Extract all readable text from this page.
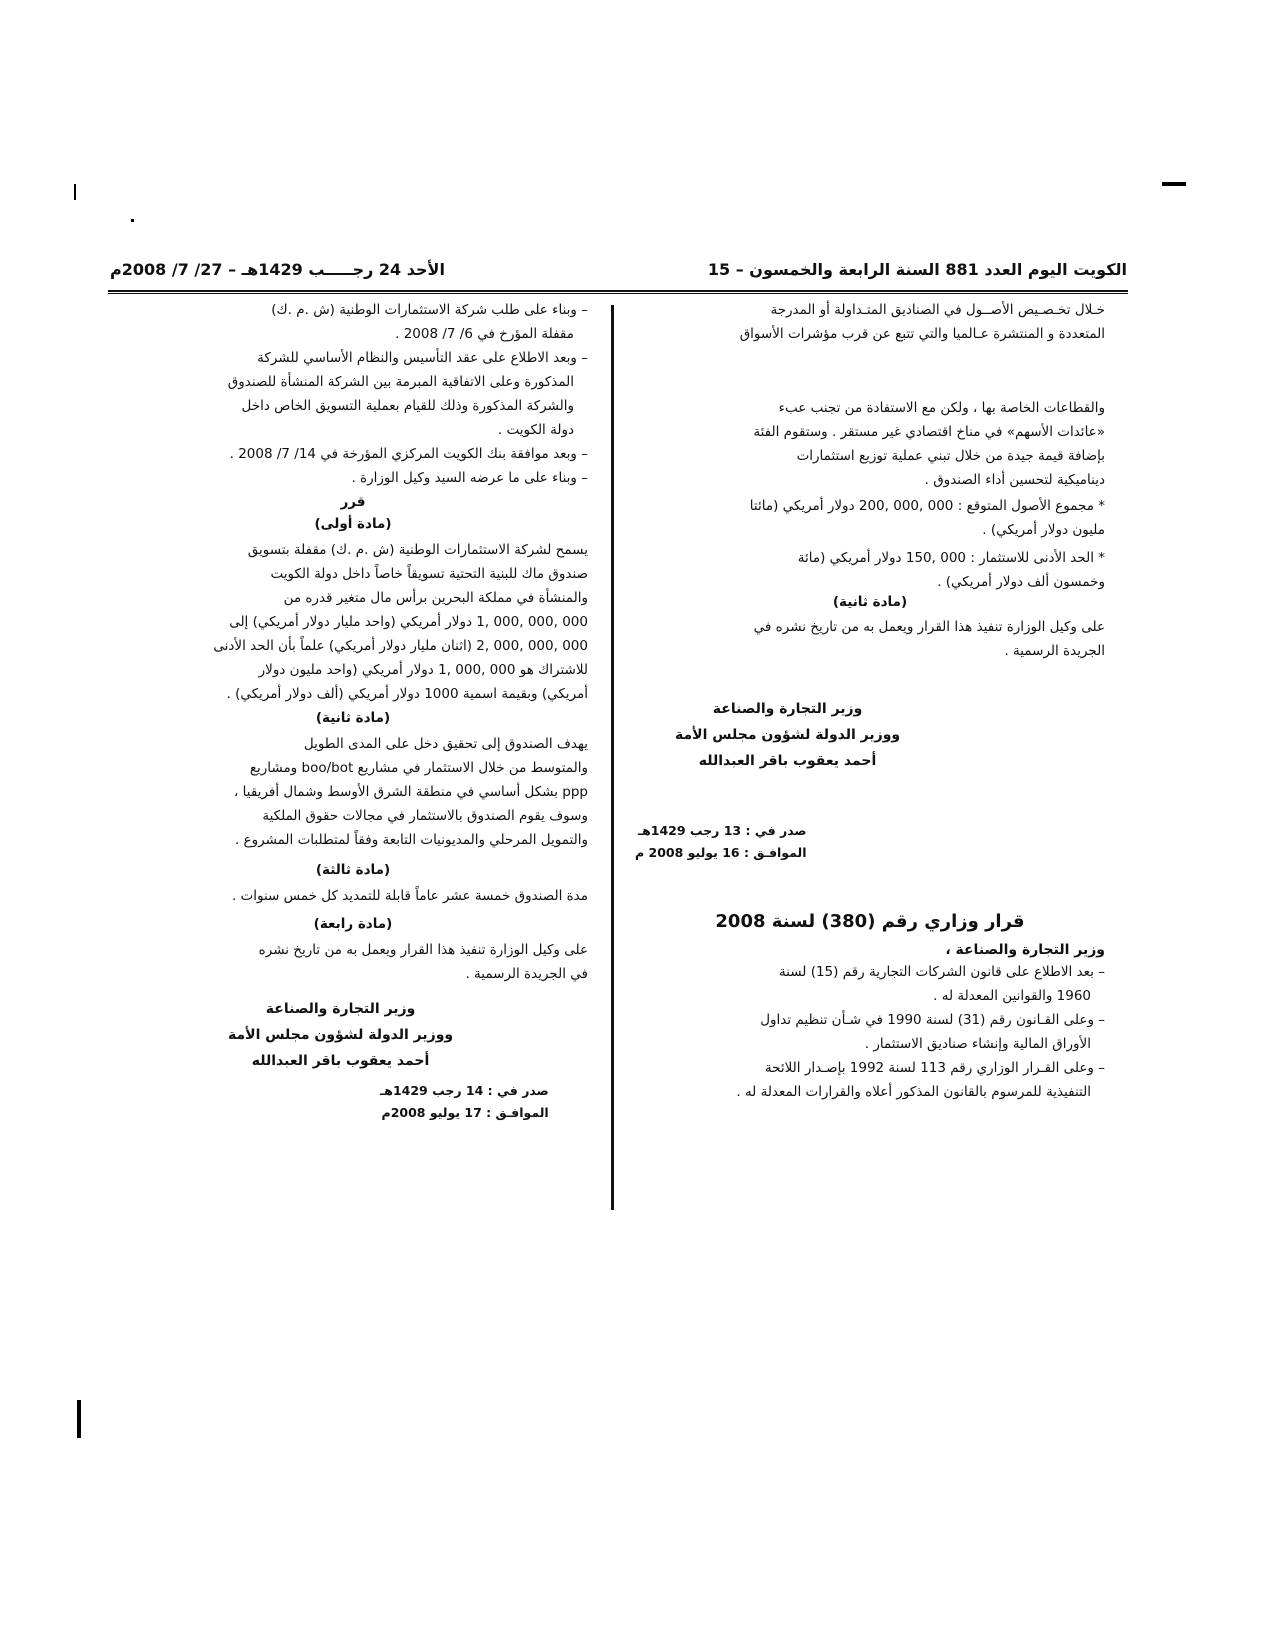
الكويت اليوم العدد 881 السنة الرابعة والخمسون – 15
الأحد 24 رجـــــب 1429هـ – 27/ 7/ 2008م

خـلال تخـصـيص الأصــول في الصناديق المتـداولة أو المدرجة

المتعددة و المنتشرة عـالميا والتي تتبع عن قرب مؤشرات الأسواق

والقطاعات الخاصة بها ، ولكن مع الاستفادة من تجنب عبء

«عائدات الأسهم» في مناخ اقتصادي غير مستقر . وستقوم الفئة

بإضافة قيمة جيدة من خلال تبني عملية توزيع استثمارات

ديناميكية لتحسين أداء الصندوق .

* مجموع الأصول المتوقع : 000 ,000 ,200 دولار أمريكي (مائتا

مليون دولار أمريكي) .

* الحد الأدنى للاستثمار : 000 ,150 دولار أمريكي (مائة

وخمسون ألف دولار أمريكي) .

(مادة ثانية)

على وكيل الوزارة تنفيذ هذا القرار ويعمل به من تاريخ نشره في

الجريدة الرسمية .

وزير التجارة والصناعة

ووزير الدولة لشؤون مجلس الأمة

أحمد يعقوب باقر العبدالله

صدر في : 13 رجب 1429هـ

الموافـق : 16 يوليو 2008 م

قرار وزاري رقم (380) لسنة 2008
وزير التجارة والصناعة ،

– بعد الاطلاع على قانون الشركات التجارية رقم (15) لسنة

1960 والقوانين المعدلة له .

– وعلى القـانون رقم (31) لسنة 1990 في شـأن تنظيم تداول

الأوراق المالية وإنشاء صناديق الاستثمار .

– وعلى القـرار الوزاري رقم 113 لسنة 1992 بإصـدار اللائحة

التنفيذية للمرسوم بالقانون المذكور أعلاه والقرارات المعدلة له .

– وبناء على طلب شركة الاستثمارات الوطنية (ش .م .ك)

مقفلة المؤرخ في 6/ 7/ 2008 .

– وبعد الاطلاع على عقد التأسيس والنظام الأساسي للشركة

المذكورة وعلى الاتفاقية المبرمة بين الشركة المنشأة للصندوق

والشركة المذكورة وذلك للقيام بعملية التسويق الخاص داخل

دولة الكويت .

– وبعد موافقة بنك الكويت المركزي المؤرخة في 14/ 7/ 2008 .

– وبناء على ما عرضه السيد وكيل الوزارة .

قرر
(مادة أولى)

يسمح لشركة الاستثمارات الوطنية (ش .م .ك) مقفلة بتسويق

صندوق ماك للبنية التحتية تسويقاً خاصاً داخل دولة الكويت

والمنشأة في مملكة البحرين برأس مال متغير قدره من

000 ,000 ,000 ,1 دولار أمريكي (واحد مليار دولار أمريكي) إلى

000 ,000 ,000 ,2 (اثنان مليار دولار أمريكي) علماً بأن الحد الأدنى

للاشتراك هو 000 ,000 ,1 دولار أمريكي (واحد مليون دولار

أمريكي) وبقيمة اسمية 1000 دولار أمريكي (ألف دولار أمريكي) .

(مادة ثانية)

يهدف الصندوق إلى تحقيق دخل على المدى الطويل

والمتوسط من خلال الاستثمار في مشاريع boo/bot ومشاريع

ppp بشكل أساسي في منطقة الشرق الأوسط وشمال أفريقيا ،

وسوف يقوم الصندوق بالاستثمار في مجالات حقوق الملكية

والتمويل المرحلي والمديونيات التابعة وفقاً لمتطلبات المشروع .

(مادة ثالثة)

مدة الصندوق خمسة عشر عاماً قابلة للتمديد كل خمس سنوات .

(مادة رابعة)

على وكيل الوزارة تنفيذ هذا القرار ويعمل به من تاريخ نشره

في الجريدة الرسمية .

وزير التجارة والصناعة

ووزير الدولة لشؤون مجلس الأمة

أحمد يعقوب باقر العبدالله

صدر في : 14 رجب 1429هـ

الموافـق : 17 يوليو 2008م
